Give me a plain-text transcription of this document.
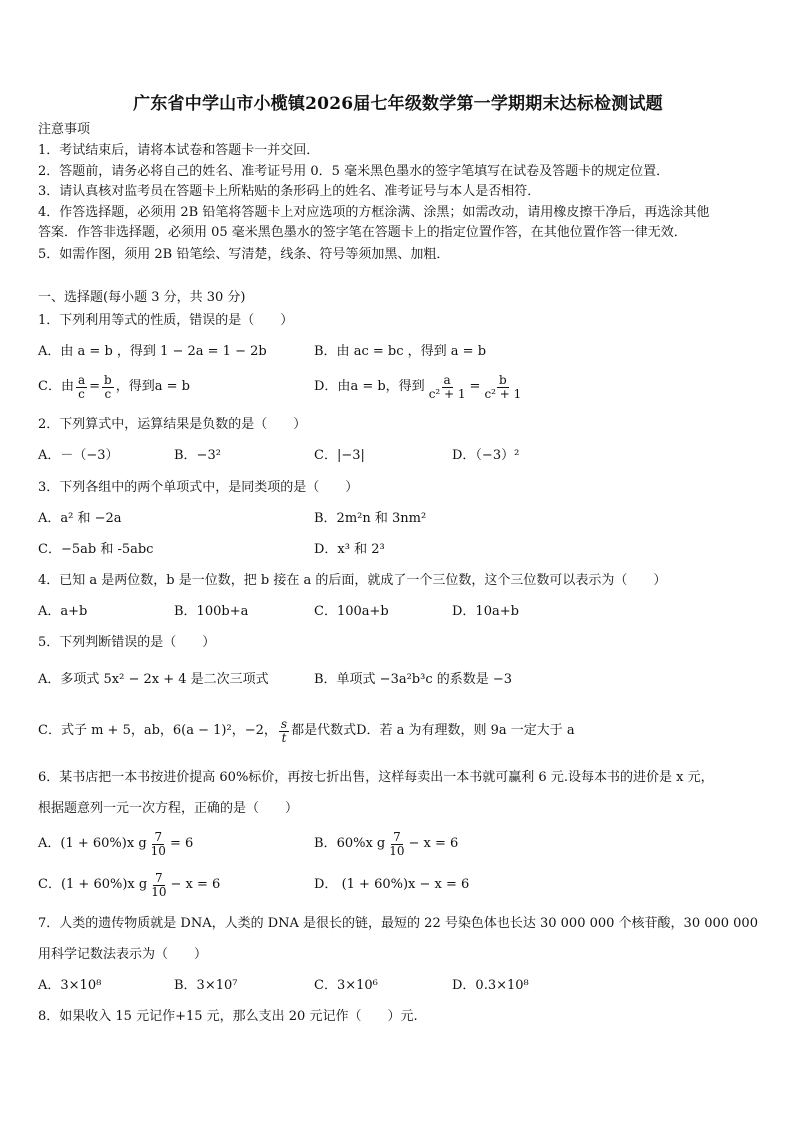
广东省中学山市小榄镇2026届七年级数学第一学期期末达标检测试题
注意事项
1．考试结束后，请将本试卷和答题卡一并交回．
2．答题前，请务必将自己的姓名、准考证号用 0．5 毫米黑色墨水的签字笔填写在试卷及答题卡的规定位置．
3．请认真核对监考员在答题卡上所粘贴的条形码上的姓名、准考证号与本人是否相符．
4．作答选择题，必须用 2B 铅笔将答题卡上对应选项的方框涂满、涂黑；如需改动，请用橡皮擦干净后，再选涂其他
答案．作答非选择题，必须用 05 毫米黑色墨水的签字笔在答题卡上的指定位置作答，在其他位置作答一律无效．
5．如需作图，须用 2B 铅笔绘、写清楚，线条、符号等须加黑、加粗．
一、选择题(每小题 3 分，共 30 分)
1．下列利用等式的性质，错误的是（　　）
A．由 a = b ，得到 1 − 2a = 1 − 2b	B．由 ac = bc ，得到 a = b
C．由 $\frac{a}{c} = \frac{b}{c}$ ，得到 a = b	D．由 a = b ，得到 $\frac{a}{\text{c² + 1}} = \frac{b}{\text{c² + 1}}$
2．下列算式中，运算结果是负数的是（　　）
A．－（−3）	B．−3²	C．|−3|	D．（−3）²
3．下列各组中的两个单项式中，是同类项的是（　　）
A．a² 和 −2a	B．2m²n 和 3nm²
C．−5ab 和 -5abc	D．x³ 和 2³
4．已知 a 是两位数，b 是一位数，把 b 接在 a 的后面，就成了一个三位数，这个三位数可以表示为（　　）
A．a+b	B．100b+a	C．100a+b	D．10a+b
5．下列判断错误的是（　　）
A．多项式 5x² − 2x + 4 是二次三项式	B．单项式 −3a²b³c 的系数是 −3
C．式子 m + 5，ab，6(a − 1)²，−2， $\frac{s}{t}$ 都是代数式D．若 a 为有理数，则 9a 一定大于 a
6．某书店把一本书按进价提高 60%标价，再按七折出售，这样每卖出一本书就可赢利 6 元.设每本书的进价是 x 元，
根据题意列一元一次方程，正确的是（　　）
A． (1 + 60%)x g $\frac{7}{10} = 6$	B． 60%x g $\frac{7}{10} - x = 6$
C． (1 + 60%)x g $\frac{7}{10} - x = 6$	D． (1 + 60%)x − x = 6
7．人类的遗传物质就是 DNA，人类的 DNA 是很长的链，最短的 22 号染色体也长达 30 000 000 个核苷酸，30 000 000
用科学记数法表示为（　　）
A．3×10⁸	B．3×10⁷	C．3×10⁶	D．0.3×10⁸
8．如果收入 15 元记作+15 元，那么支出 20 元记作（　　）元.
